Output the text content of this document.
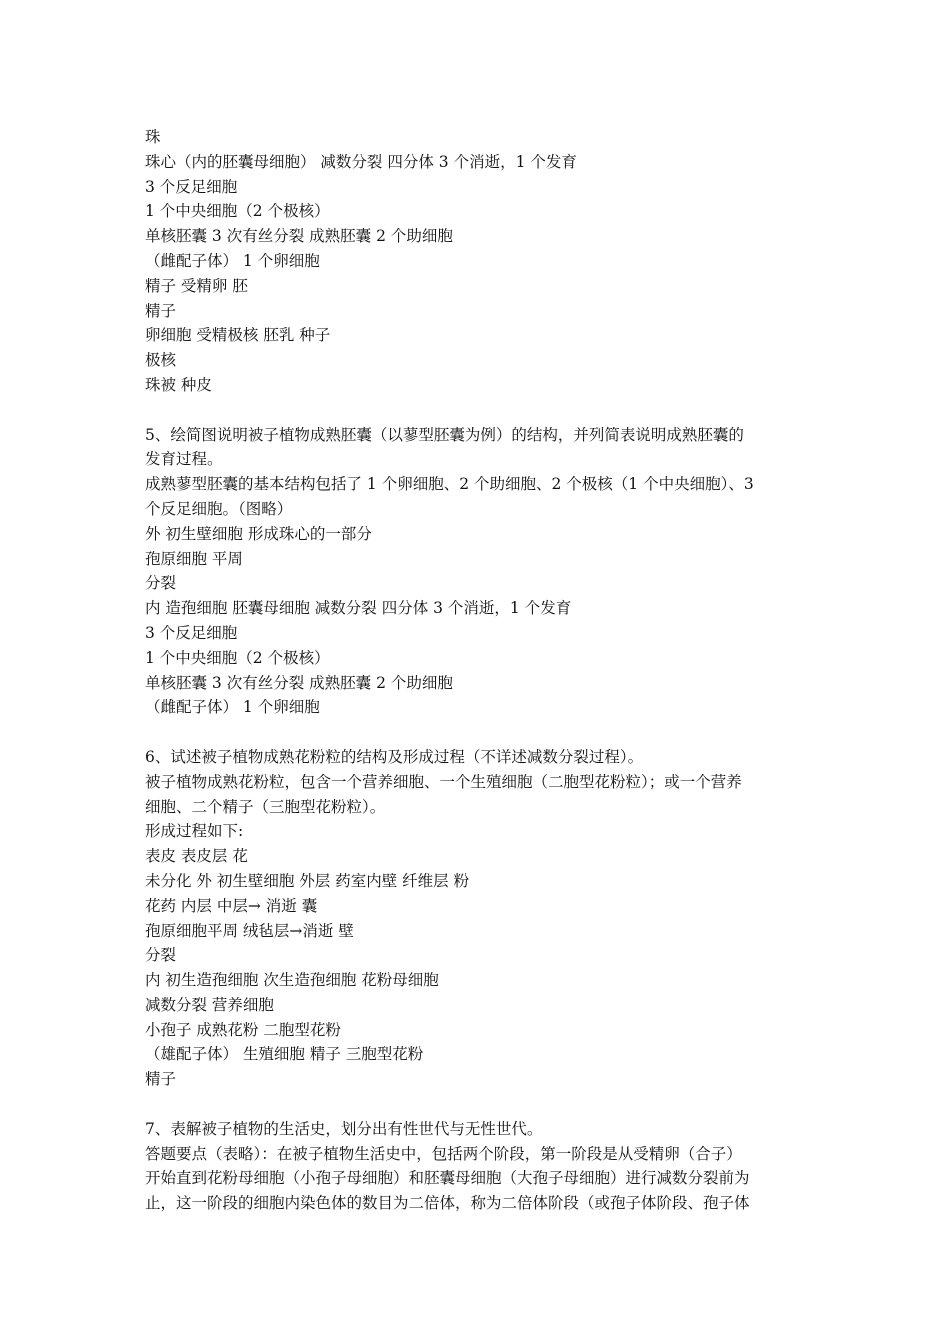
珠
珠心（内的胚囊母细胞） 减数分裂 四分体 3 个消逝，1 个发育
3 个反足细胞
1 个中央细胞（2 个极核）
单核胚囊 3 次有丝分裂 成熟胚囊 2 个助细胞
（雌配子体） 1 个卵细胞
精子 受精卵 胚
精子
卵细胞 受精极核 胚乳 种子
极核
珠被 种皮
5、绘简图说明被子植物成熟胚囊（以蓼型胚囊为例）的结构，并列简表说明成熟胚囊的
发育过程。
成熟蓼型胚囊的基本结构包括了 1 个卵细胞、2 个助细胞、2 个极核（1 个中央细胞）、3
个反足细胞。（图略）
外 初生壁细胞 形成珠心的一部分
孢原细胞 平周
分裂
内 造孢细胞 胚囊母细胞 减数分裂 四分体 3 个消逝，1 个发育
3 个反足细胞
1 个中央细胞（2 个极核）
单核胚囊 3 次有丝分裂 成熟胚囊 2 个助细胞
（雌配子体） 1 个卵细胞
6、试述被子植物成熟花粉粒的结构及形成过程（不详述减数分裂过程）。
被子植物成熟花粉粒，包含一个营养细胞、一个生殖细胞（二胞型花粉粒）；或一个营养
细胞、二个精子（三胞型花粉粒）。
形成过程如下:
表皮 表皮层 花
未分化 外 初生壁细胞 外层 药室内壁 纤维层 粉
花药 内层 中层→ 消逝 囊
孢原细胞平周 绒毡层→消逝 壁
分裂
内 初生造孢细胞 次生造孢细胞 花粉母细胞
减数分裂 营养细胞
小孢子 成熟花粉 二胞型花粉
（雄配子体） 生殖细胞 精子 三胞型花粉
精子
7、表解被子植物的生活史，划分出有性世代与无性世代。
答题要点（表略）：在被子植物生活史中，包括两个阶段，第一阶段是从受精卵（合子）
开始直到花粉母细胞（小孢子母细胞）和胚囊母细胞（大孢子母细胞）进行减数分裂前为
止，这一阶段的细胞内染色体的数目为二倍体，称为二倍体阶段（或孢子体阶段、孢子体
